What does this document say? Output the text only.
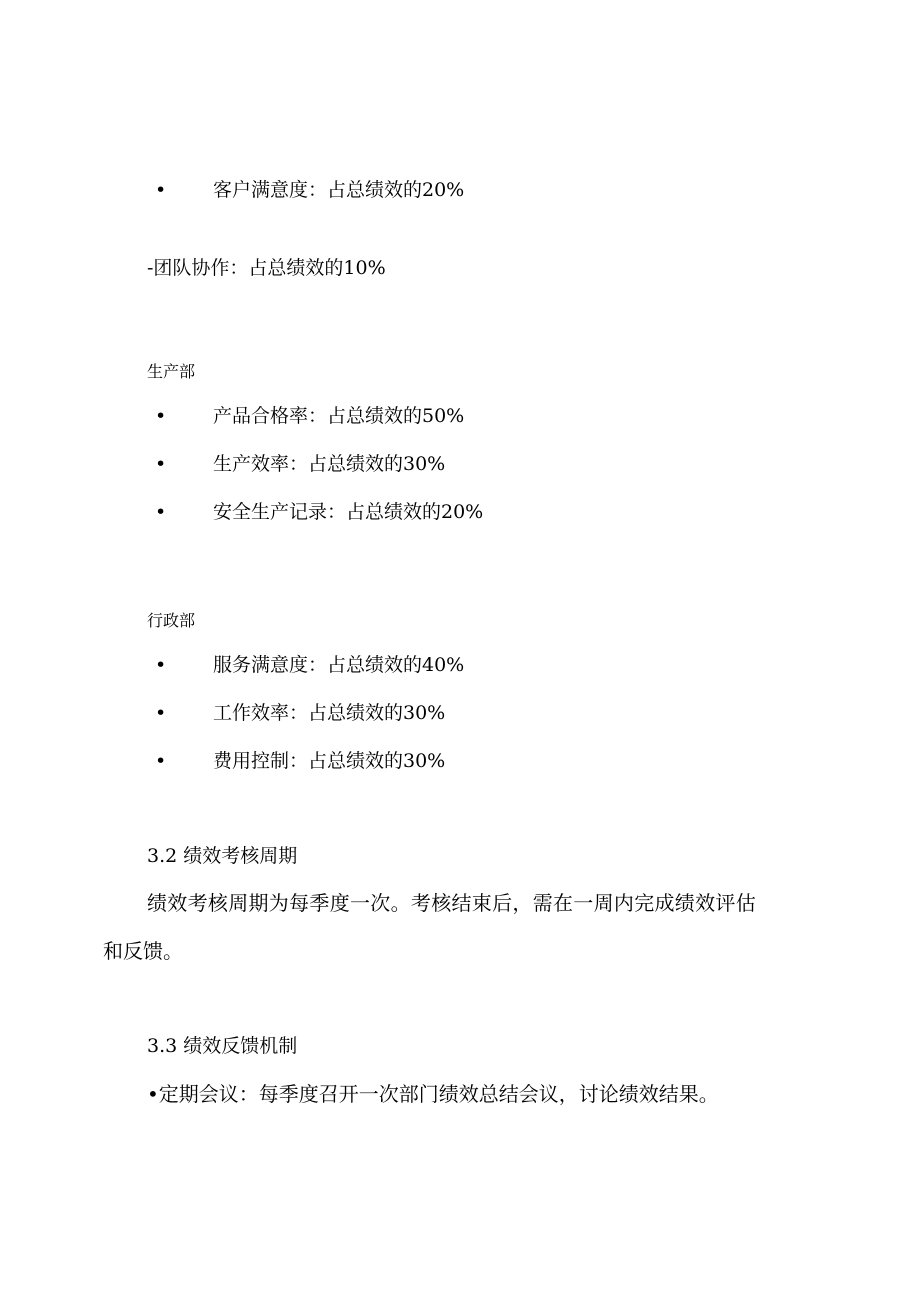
• 客户满意度：占总绩效的20%
-团队协作：占总绩效的10%
生产部
• 产品合格率：占总绩效的50%
• 生产效率：占总绩效的30%
• 安全生产记录：占总绩效的20%
行政部
• 服务满意度：占总绩效的40%
• 工作效率：占总绩效的30%
• 费用控制：占总绩效的30%
3.2 绩效考核周期
绩效考核周期为每季度一次。考核结束后，需在一周内完成绩效评估
和反馈。
3.3 绩效反馈机制
•定期会议：每季度召开一次部门绩效总结会议，讨论绩效结果。
